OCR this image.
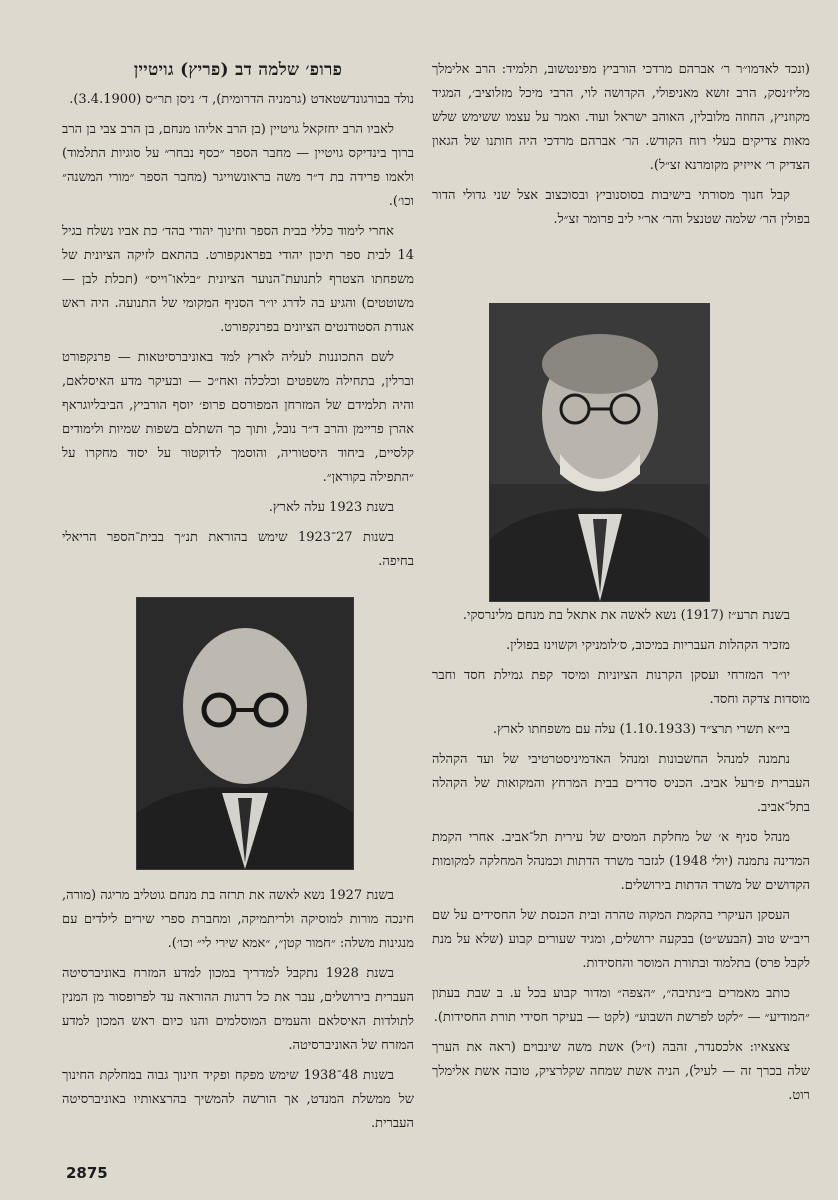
(ונכד לאדמו״ר ר׳ אברהם מרדכי הורביץ מפינטשוב, תלמיד: הרב אלימלך מליז׳נסק, הרב זושא מאניפולי, הקדושה לוי, הרבי מיכל מזלוציב׳, המגיד מקוזניץ, החוזה מלובלין, האוהב ישראל ועוד. ואמר על עצמו ששימש שלש מאות צדיקים בעלי רוח הקודש. הר׳ אברהם מרדכי היה חותנו של הגאון הצדיק ר׳ אייזיק מקומרנא זצ״ל).

קבל חנוך מסורתי בישיבות בסוסנוביץ ובסוכצוב אצל שני גדולי הדור בפולין הר׳ שלמה שטנצל והר׳ אר׳י ליב פרומר זצ״ל.

בשנת תרע״ז (1917) נשא לאשה את אתאל בת מנחם מלינרסקי.

מזכיר הקהלות העבריות במיכוב, ס׳לומניקי וקשוינז בפולין.

יו״ר המזרחי ועסקן הקרנות הציוניות ומיסד קפת גמילת חסד וחבר מוסדות צדקה וחסד.

בי״א תשרי תרצ״ד (1.10.1933) עלה עם משפחתו לארץ.

נתמנה למנהל החשבונות ומנהל האדמיניסטרטיבי של ועד הקהלה העברית פ׳רעל אביב. הכניס סדרים בבית המרחץ והמקואות של הקהלה בתל־אביב.

מנהל סניף א׳ של מחלקת המסים של עירית תל־אביב. אחרי הקמת המדינה נתמנה (יולי 1948) לגזבר משרד הדתות וכמנהל המחלקה למקומות הקדושים של משרד הדתות בירושלים.

העסקן העיקרי בהקמת המקוה טהרה ובית הכנסת של החסידים על שם ריב״ש טוב (הבעש״ט) בבקעה ירושלים, ומגיד שעורים קבוע (שלא על מנת לקבל פרס) בתלמוד ובתורת המוסר והחסידות.

כותב מאמרים ב״נתיבה״, ״הצפה״ ומדור קבוע בכל ע. ב שבת בעתון ״המודיע״ — ״לקט לפרשת השבוע״ (לקט — בעיקר חסידי תורת החסידות).

צאצאיו: אלכסנדר, זהבה (ז״ל) אשת משה שינבוים (ראה את הערך שלה בכרך זה — לעיל), הניה אשת שמחה שקלרציק, טובה אשת אלימלך רוט.

פרופ׳ שלמה דב (פריץ) גויטיין

נולד בבורגונדשטאדט (גרמניה הדרומית), ד׳ ניסן תר״ס (3.4.1900).

לאביו הרב יחזקאל גויטיין (בן הרב אליהו מנחם, בן הרב צבי בן הרב ברוך בינדיקס גויטיין — מחבר הספר ״כסף נבחר״ על סוגיות התלמוד) ולאמו פרידה בת ד״ר משה בראונשוייגר (מחבר הספר ״מורי המשנה״ וכו׳).

אחרי לימוד כללי בבית הספר וחינוך יהודי בהד׳ כת אביו נשלח בגיל 14 לבית ספר תיכון יהודי בפראנקפורט. בהתאם לזיקה הציונית של משפחתו הצטרף לתנועת־הנוער הציונית ״בלאו־וייס״ (תכלת לבן — משוטטים) והגיע בה לדרג יו״ר הסניף המקומי של התנועה. היה ראש אגודת הסטודנטים הציונים בפרנקפורט.

לשם התכוננות לעליה לארץ למד באוניברסיטאות — פרנקפורט וברלין, בתחילה משפטים וכלכלה ואח״כ — ובעיקר מדע האיסלאם, והיה תלמידם של המזרחן המפורסם פרופ׳ יוסף הורביץ, הביבליוגראף אהרן פריימן והרב ד״ר נובל, ותוך כך השתלם בשפות שמיות ולימודים קלסיים, ביחוד היסטוריה, והוסמך לדוקטור על יסוד מחקרו על ״התפילה בקוראן״.

בשנת 1923 עלה לארץ.

בשנות 27־1923 שימש בהוראת תנ״ך בבית־הספר הריאלי בחיפה.

בשנת 1927 נשא לאשה את תרזה בת מנחם גוטליב מריגה (מורה, חינכה מורות למוסיקה ולריתמיקה, ומחברת ספרי שירים לילדים עם מנגינות משלה: ״חמור קטן״, ״אמא שירי לי״ וכו׳).

בשנת 1928 נתקבל למדריך במכון למדע המזרח באוניברסיטה העברית בירושלים, עבר את כל דרגות ההוראה עד לפרופסור מן המנין לתולדות האיסלאם והעמים המוסלמים והנו כיום ראש המכון למדע המזרח של האוניברסיטה.

בשנות 48־1938 שימש מפקח ופקיד חינוך גבוה במחלקת החינוך של ממשלת המנדט, אך הורשה להמשיך בהרצאותיו באוניברסיטה העברית.

2875
